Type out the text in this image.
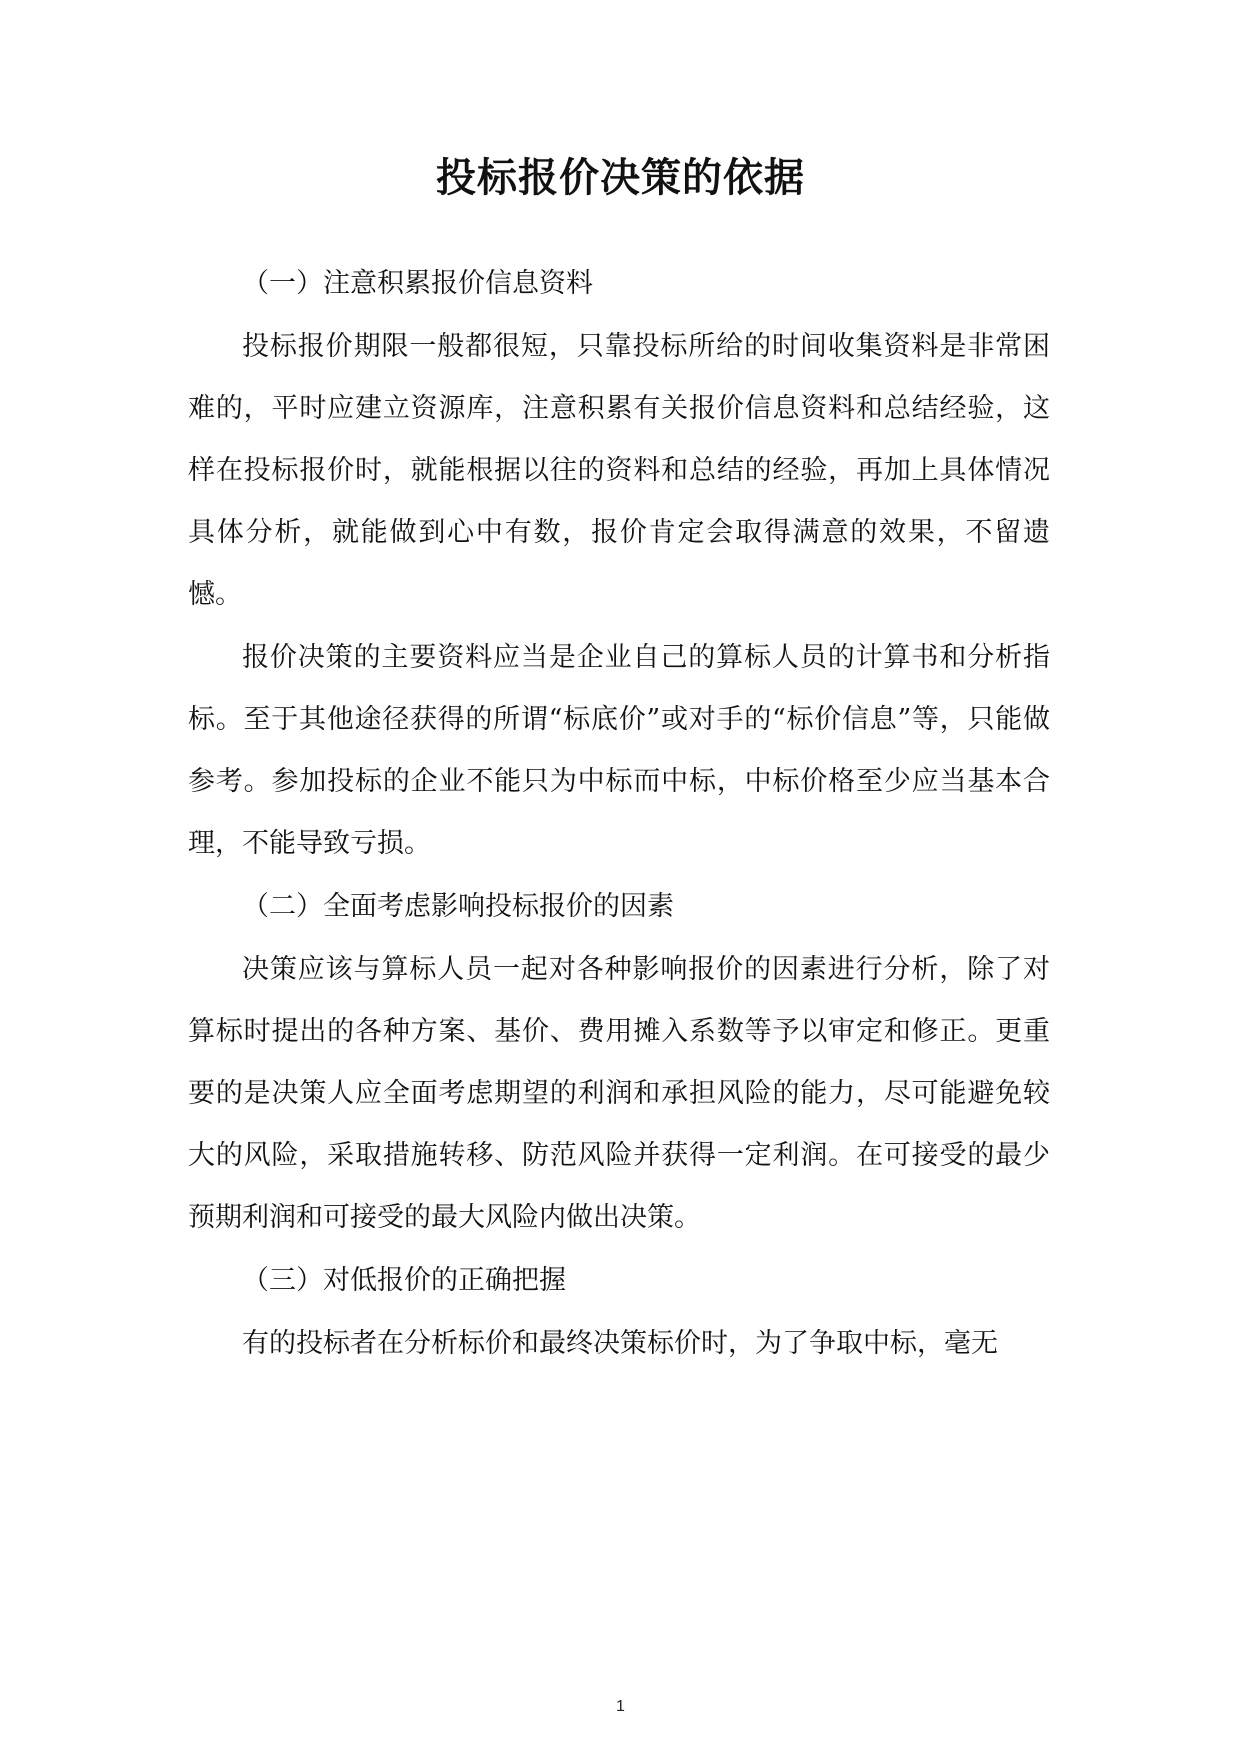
投标报价决策的依据

（一）注意积累报价信息资料

投标报价期限一般都很短，只靠投标所给的时间收集资料是非常困难的，平时应建立资源库，注意积累有关报价信息资料和总结经验，这样在投标报价时，就能根据以往的资料和总结的经验，再加上具体情况具体分析，就能做到心中有数，报价肯定会取得满意的效果，不留遗憾。

报价决策的主要资料应当是企业自己的算标人员的计算书和分析指标。至于其他途径获得的所谓“标底价”或对手的“标价信息”等，只能做参考。参加投标的企业不能只为中标而中标，中标价格至少应当基本合理，不能导致亏损。

（二）全面考虑影响投标报价的因素

决策应该与算标人员一起对各种影响报价的因素进行分析，除了对算标时提出的各种方案、基价、费用摊入系数等予以审定和修正。更重要的是决策人应全面考虑期望的利润和承担风险的能力，尽可能避免较大的风险，采取措施转移、防范风险并获得一定利润。在可接受的最少预期利润和可接受的最大风险内做出决策。

（三）对低报价的正确把握

有的投标者在分析标价和最终决策标价时，为了争取中标，毫无

1
